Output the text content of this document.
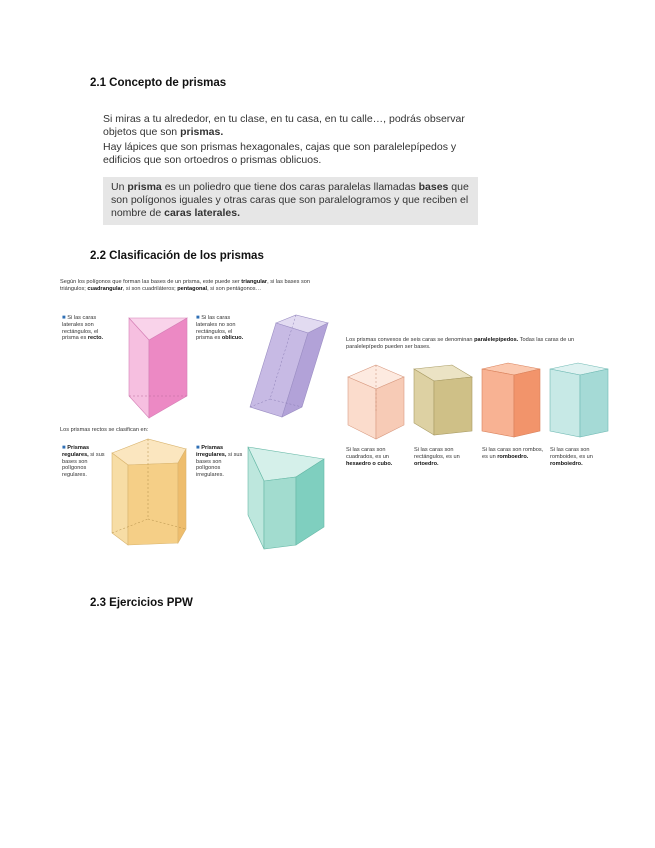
2.1 Concepto de prismas

Si miras a tu alrededor, en tu clase, en tu casa, en tu calle…, podrás observar objetos que son prismas.

Hay lápices que son prismas hexagonales, cajas que son paralelepípedos y edificios que son ortoedros o prismas oblicuos.

Un prisma es un poliedro que tiene dos caras paralelas llamadas bases que son polígonos iguales y otras caras que son paralelogramos y que reciben el nombre de caras laterales.

2.2 Clasificación de los prismas

Según los polígonos que forman las bases de un prisma, este puede ser triangular, si las bases son triángulos; cuadrangular, si son cuadriláteros; pentagonal, si son pentágonos…

■ Si las caras laterales son rectángulos, el prisma es recto.

■ Si las caras laterales no son rectángulos, el prisma es oblicuo.

Los prismas rectos se clasifican en:

■ Prismas regulares, si sus bases son polígonos regulares.

■ Prismas irregulares, si sus bases son polígonos irregulares.

Los prismas convexos de seis caras se denominan paralelepípedos. Todas las caras de un paralelepípedo pueden ser bases.

Si las caras son cuadrados, es un hexaedro o cubo.

Si las caras son rectángulos, es un ortoedro.

Si las caras son rombos, es un romboedro.

Si las caras son romboides, es un romboiedro.

2.3 Ejercicios PPW
